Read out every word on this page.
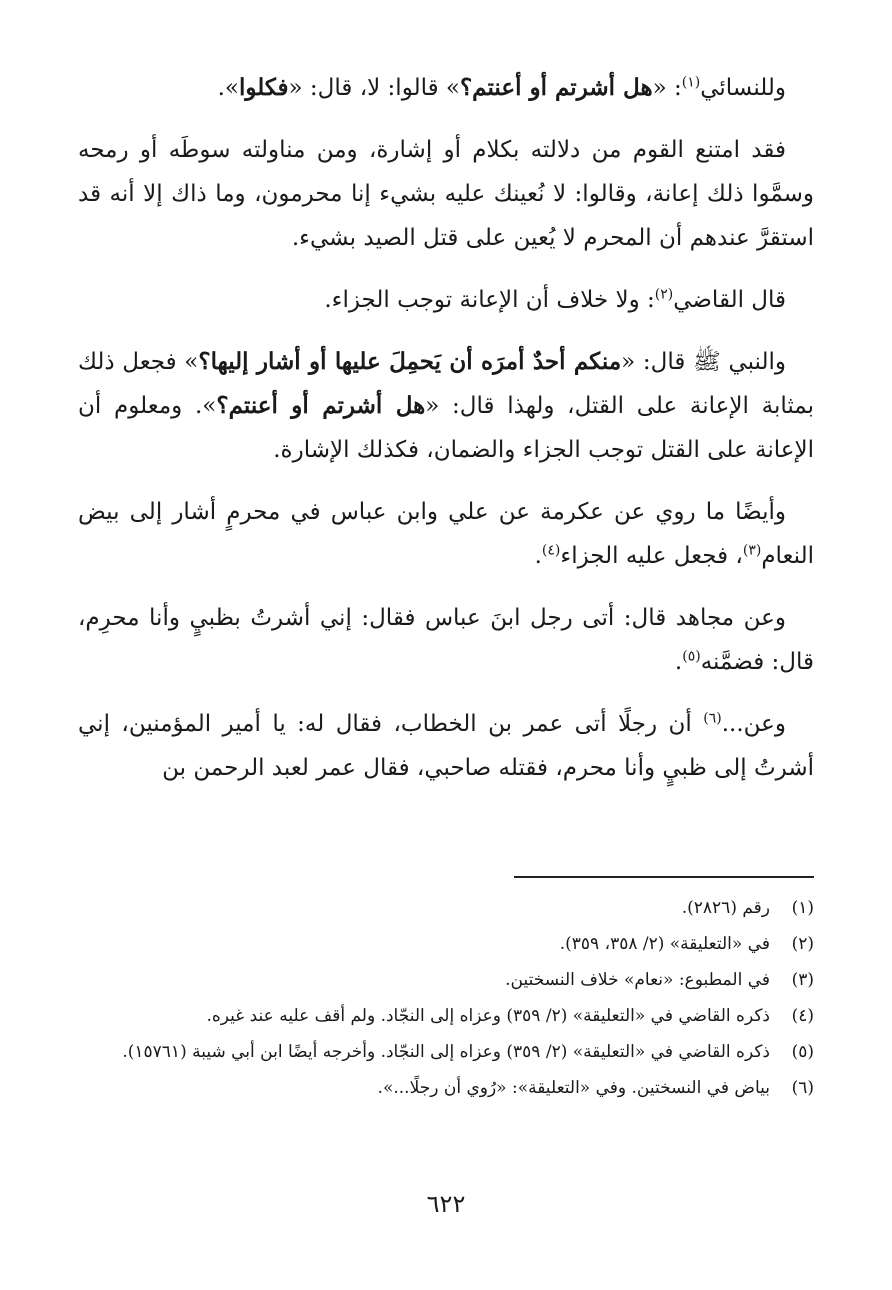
وللنسائي$^{(١)}$: «هل أشرتم أو أعنتم؟» قالوا: لا، قال: «فكلوا».

فقد امتنع القوم من دلالته بكلام أو إشارة، ومن مناولته سوطَه أو رمحه وسمَّوا ذلك إعانة، وقالوا: لا نُعينك عليه بشيء إنا محرمون، وما ذاك إلا أنه قد استقرَّ عندهم أن المحرم لا يُعين على قتل الصيد بشيء.

قال القاضي$^{(٢)}$: ولا خلاف أن الإعانة توجب الجزاء.

والنبي ﷺ قال: «منكم أحدٌ أمرَه أن يَحمِلَ عليها أو أشار إليها؟» فجعل ذلك بمثابة الإعانة على القتل، ولهذا قال: «هل أشرتم أو أعنتم؟». ومعلوم أن الإعانة على القتل توجب الجزاء والضمان، فكذلك الإشارة.

وأيضًا ما روي عن عكرمة عن علي وابن عباس في محرمٍ أشار إلى بيض النعام$^{(٣)}$، فجعل عليه الجزاء$^{(٤)}$.

وعن مجاهد قال: أتى رجل ابنَ عباس فقال: إني أشرتُ بظبيٍ وأنا محرِم، قال: فضمَّنه$^{(٥)}$.

وعن...$^{(٦)}$ أن رجلًا أتى عمر بن الخطاب، فقال له: يا أمير المؤمنين، إني أشرتُ إلى ظبيٍ وأنا محرم، فقتله صاحبي، فقال عمر لعبد الرحمن بن

(١)
رقم (٢٨٢٦).
(٢)
في «التعليقة» (٢/ ٣٥٨، ٣٥٩).
(٣)
في المطبوع: «نعام» خلاف النسختين.
(٤)
ذكره القاضي في «التعليقة» (٢/ ٣٥٩) وعزاه إلى النجّاد. ولم أقف عليه عند غيره.
(٥)
ذكره القاضي في «التعليقة» (٢/ ٣٥٩) وعزاه إلى النجّاد. وأخرجه أيضًا ابن أبي شيبة (١٥٧٦١).
(٦)
بياض في النسختين. وفي «التعليقة»: «رُوي أن رجلًا...».
٦٢٢
